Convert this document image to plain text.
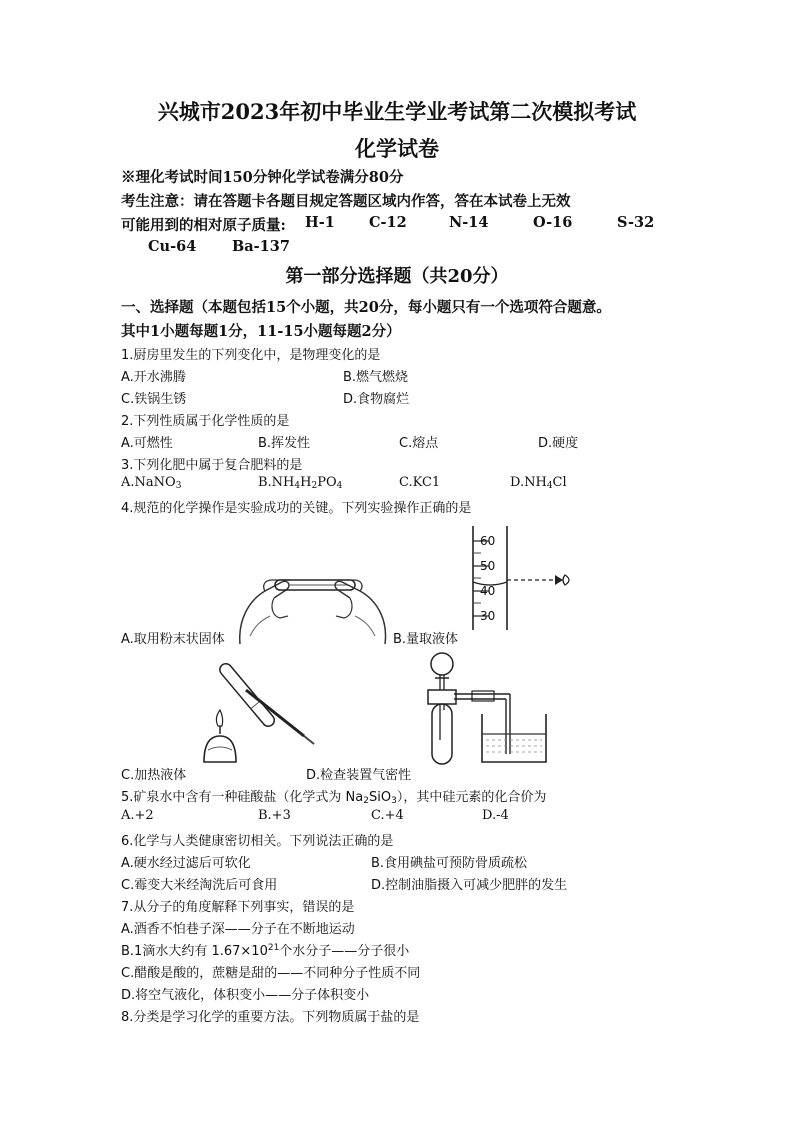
兴城市2023年初中毕业生学业考试第二次模拟考试
化学试卷
※理化考试时间150分钟化学试卷满分80分
考生注意：请在答题卡各题目规定答题区域内作答，答在本试卷上无效
可能用到的相对原子质量: H-1 C-12	N-14	O-16	S-32
Cu-64 Ba-137
第一部分选择题（共20分）
一、选择题（本题包括15个小题，共20分，每小题只有一个选项符合题意。
其中1小题每题1分，11-15小题每题2分）
1.厨房里发生的下列变化中，是物理变化的是
A.开水沸腾	B.燃气燃烧
C.铁锅生锈	D.食物腐烂
2.下列性质属于化学性质的是
A.可燃性	B.挥发性	C.熔点	D.硬度
3.下列化肥中属于复合肥料的是
A.NaNO$_3$	$B.NH_4H_2PO_4$	C.KC1	$D.NH_4Cl$
4.规范的化学操作是实验成功的关键。下列实验操作正确的是
A.取用粉末状固体
60
50
40
30
B.量取液体
C.加热液体	D.检查装置气密性
5.矿泉水中含有一种硅酸盐（化学式为 $Na_2SiO_3$），其中硅元素的化合价为
A.+2	B.+3	C.+4	D.-4
6.化学与人类健康密切相关。下列说法正确的是
A.硬水经过滤后可软化	B.食用碘盐可预防骨质疏松
C.霉变大米经淘洗后可食用	D.控制油脂摄入可减少肥胖的发生
7.从分子的角度解释下列事实，错误的是
A.酒香不怕巷子深——分子在不断地运动
B.1滴水大约有 $1.67\times 10^{21}$个水分子——分子很小
C.醋酸是酸的，蔗糖是甜的——不同种分子性质不同
D.将空气液化，体积变小——分子体积变小
8.分类是学习化学的重要方法。下列物质属于盐的是
